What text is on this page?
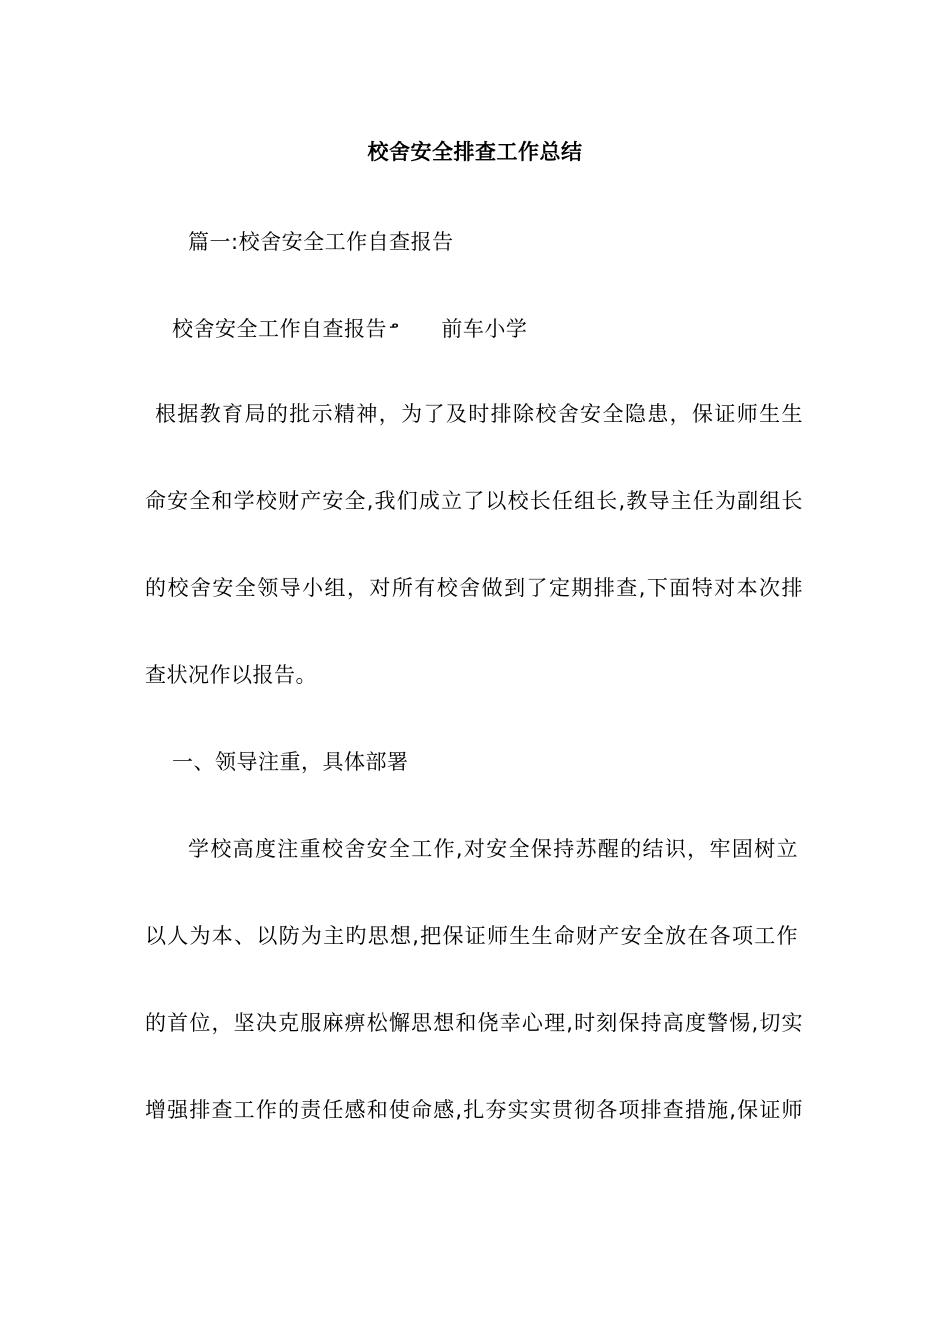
校舍安全排查工作总结
篇一:校舍安全工作自查报告
校舍安全工作自查报告 ᓒ 前车小学
根据教育局的批示精神，为了及时排除校舍安全隐患，保证师生生
命安全和学校财产安全,我们成立了以校长任组长,教导主任为副组长
的校舍安全领导小组，对所有校舍做到了定期排查,下面特对本次排
查状况作以报告。
一、领导注重，具体部署
学校高度注重校舍安全工作,对安全保持苏醒的结识，牢固树立
以人为本、以防为主旳思想,把保证师生生命财产安全放在各项工作
的首位，坚决克服麻痹松懈思想和侥幸心理,时刻保持高度警惕,切实
增强排查工作的责任感和使命感,扎夯实实贯彻各项排查措施,保证师
